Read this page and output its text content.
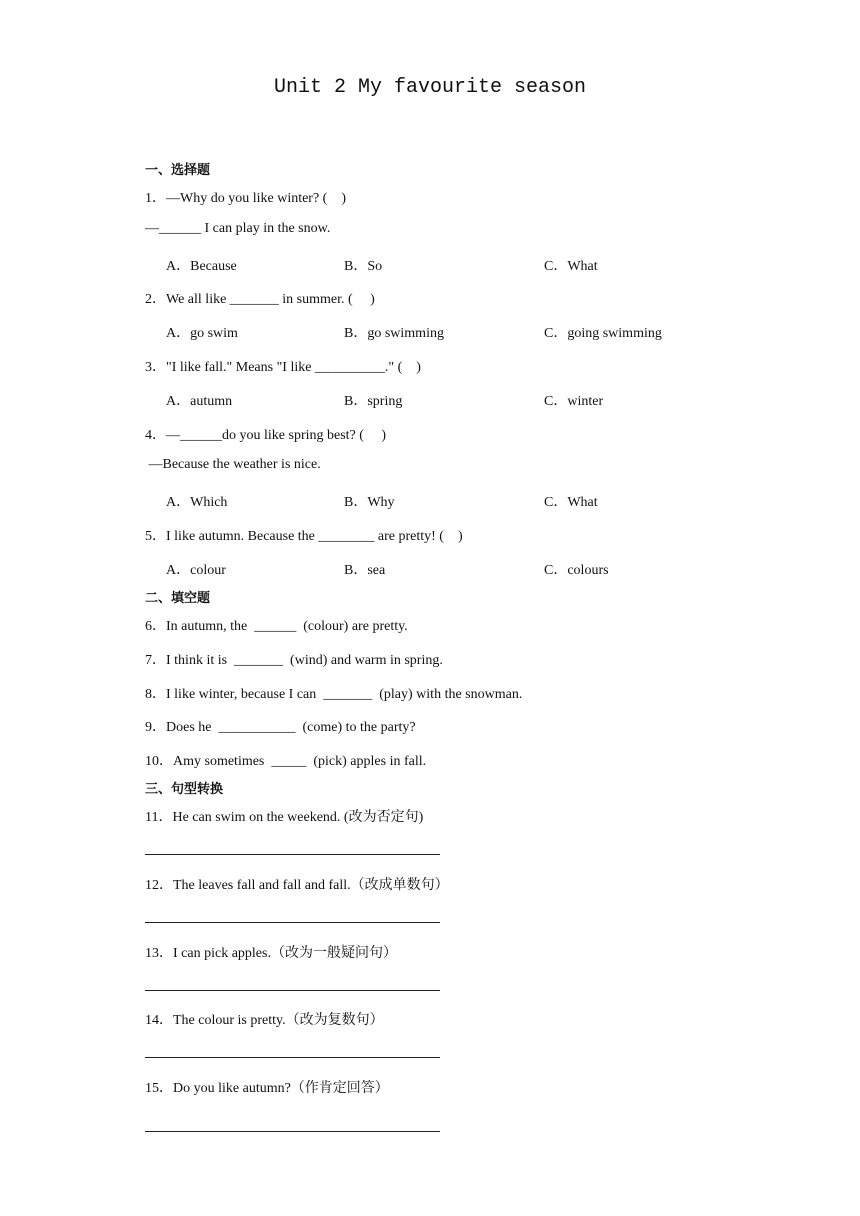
Unit 2 My favourite season
一、选择题
1．—Why do you like winter? (    )
—______ I can play in the snow.
A．Because	B．So	C．What
2．We all like _______ in summer. (     )
A．go swim	B．go swimming	C．going swimming
3．"I like fall." Means "I like __________." (    )
A．autumn	B．spring	C．winter
4．—______do you like spring best? (     )
—Because the weather is nice.
A．Which	B．Why	C．What
5．I like autumn. Because the ________ are pretty! (    )
A．colour	B．sea	C．colours
二、填空题
6．In autumn, the  ______  (colour) are pretty.
7．I think it is  _______  (wind) and warm in spring.
8．I like winter, because I can  _______  (play) with the snowman.
9．Does he  ___________  (come) to the party?
10．Amy sometimes  _____  (pick) apples in fall.
三、句型转换
11．He can swim on the weekend. (改为否定句)
12．The leaves fall and fall and fall.（改成单数句）
13．I can pick apples.（改为一般疑问句）
14．The colour is pretty.（改为复数句）
15．Do you like autumn?（作肯定回答）
